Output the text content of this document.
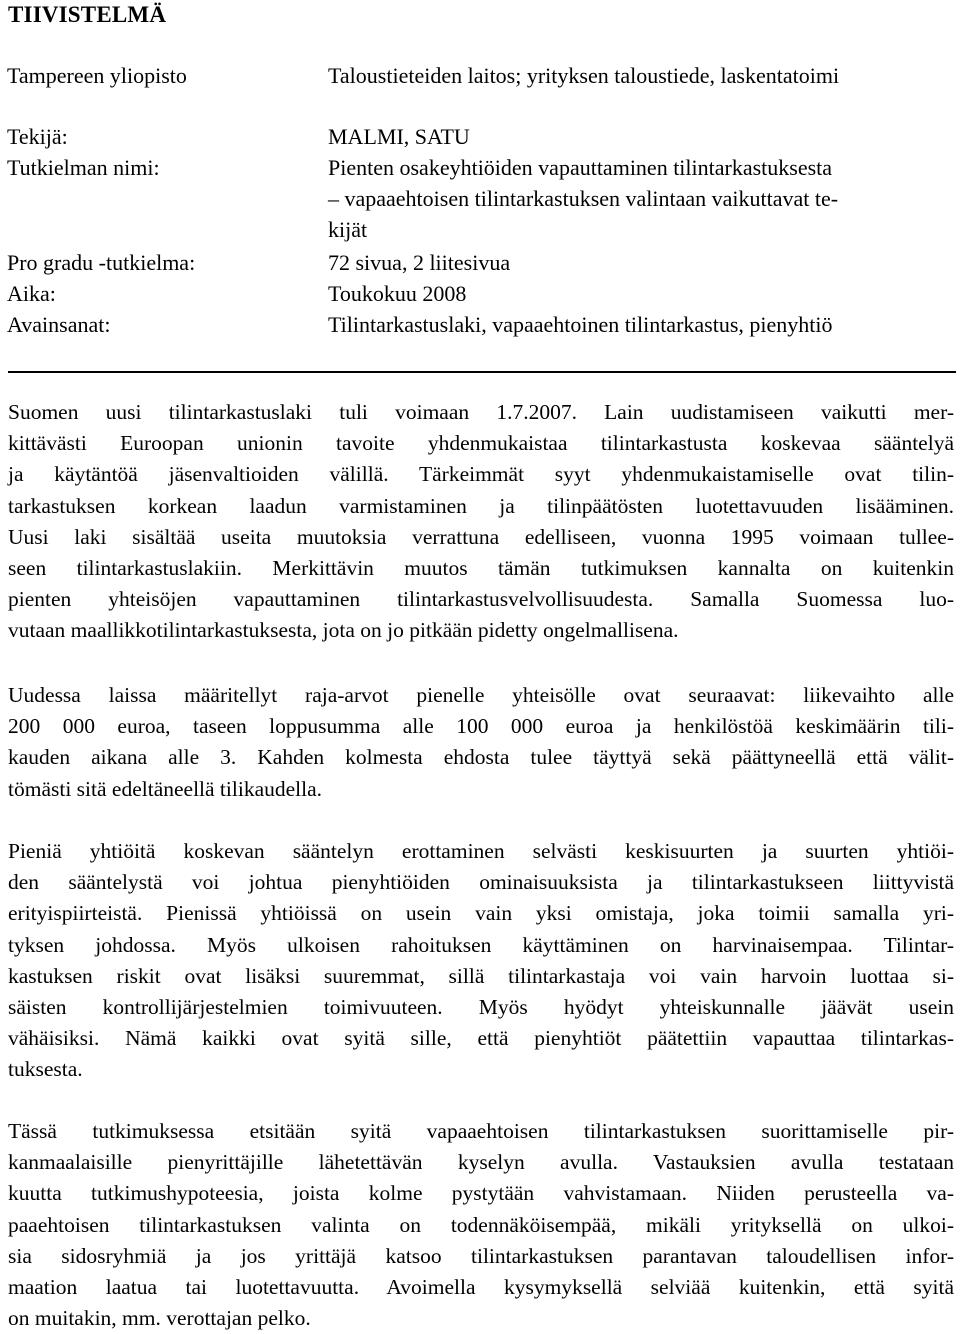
TIIVISTELMÄ
Tampereen yliopisto	Taloustieteiden laitos; yrityksen taloustiede, laskentatoimi
Tekijä:	MALMI, SATU
Tutkielman nimi:	Pienten osakeyhtiöiden vapauttaminen tilintarkastuksesta
– vapaaehtoisen tilintarkastuksen valintaan vaikuttavat te-
kijät
Pro gradu -tutkielma:	72 sivua, 2 liitesivua
Aika:	Toukokuu 2008
Avainsanat:	Tilintarkastuslaki, vapaaehtoinen tilintarkastus, pienyhtiö
Suomen uusi tilintarkastuslaki tuli voimaan 1.7.2007. Lain uudistamiseen vaikutti mer-
kittävästi Euroopan unionin tavoite yhdenmukaistaa tilintarkastusta koskevaa sääntelyä
ja käytäntöä jäsenvaltioiden välillä. Tärkeimmät syyt yhdenmukaistamiselle ovat tilin-
tarkastuksen korkean laadun varmistaminen ja tilinpäätösten luotettavuuden lisääminen.
Uusi laki sisältää useita muutoksia verrattuna edelliseen, vuonna 1995 voimaan tullee-
seen tilintarkastuslakiin. Merkittävin muutos tämän tutkimuksen kannalta on kuitenkin
pienten yhteisöjen vapauttaminen tilintarkastusvelvollisuudesta. Samalla Suomessa luo-
vutaan maallikkotilintarkastuksesta, jota on jo pitkään pidetty ongelmallisena.
Uudessa laissa määritellyt raja-arvot pienelle yhteisölle ovat seuraavat: liikevaihto alle
200 000 euroa, taseen loppusumma alle 100 000 euroa ja henkilöstöä keskimäärin tili-
kauden aikana alle 3. Kahden kolmesta ehdosta tulee täyttyä sekä päättyneellä että välit-
tömästi sitä edeltäneellä tilikaudella.
Pieniä yhtiöitä koskevan sääntelyn erottaminen selvästi keskisuurten ja suurten yhtiöi-
den sääntelystä voi johtua pienyhtiöiden ominaisuuksista ja tilintarkastukseen liittyvistä
erityispiirteistä. Pienissä yhtiöissä on usein vain yksi omistaja, joka toimii samalla yri-
tyksen johdossa. Myös ulkoisen rahoituksen käyttäminen on harvinaisempaa. Tilintar-
kastuksen riskit ovat lisäksi suuremmat, sillä tilintarkastaja voi vain harvoin luottaa si-
säisten kontrollijärjestelmien toimivuuteen. Myös hyödyt yhteiskunnalle jäävät usein
vähäisiksi. Nämä kaikki ovat syitä sille, että pienyhtiöt päätettiin vapauttaa tilintarkas-
tuksesta.
Tässä tutkimuksessa etsitään syitä vapaaehtoisen tilintarkastuksen suorittamiselle pir-
kanmaalaisille pienyrittäjille lähetettävän kyselyn avulla. Vastauksien avulla testataan
kuutta tutkimushypoteesia, joista kolme pystytään vahvistamaan. Niiden perusteella va-
paaehtoisen tilintarkastuksen valinta on todennäköisempää, mikäli yrityksellä on ulkoi-
sia sidosryhmiä ja jos yrittäjä katsoo tilintarkastuksen parantavan taloudellisen infor-
maation laatua tai luotettavuutta. Avoimella kysymyksellä selviää kuitenkin, että syitä
on muitakin, mm. verottajan pelko.
